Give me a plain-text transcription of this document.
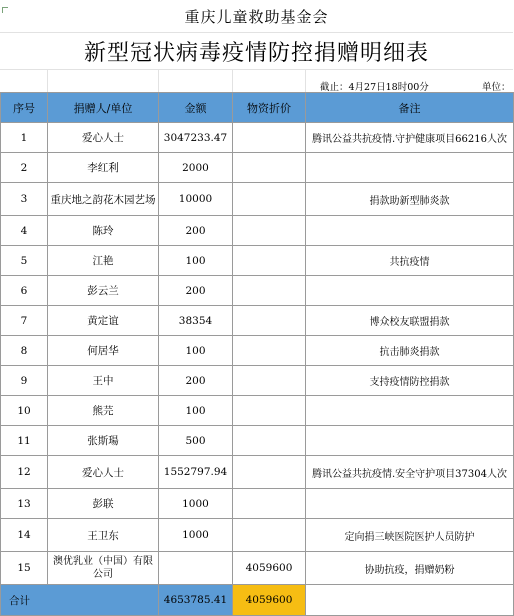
重庆儿童救助基金会
新型冠状病毒疫情防控捐赠明细表
截止：4月27日18时00分	单位：
序号	捐赠人/单位	金额	物资折价	备注
1	爱心人士	3047233.47		腾讯公益共抗疫情.守护健康项目66216人次
2	李红利	2000		
3	重庆地之韵花木园艺场	10000		捐款助新型肺炎款
4	陈玲	200		
5	江艳	100		共抗疫情
6	彭云兰	200		
7	黄定谊	38354		博众校友联盟捐款
8	何居华	100		抗击肺炎捐款
9	王中	200		支持疫情防控捐款
10	熊芫	100		
11	张斯瑒	500		
12	爱心人士	1552797.94		腾讯公益共抗疫情.安全守护项目37304人次
13	彭联	1000		
14	王卫东	1000		定向捐三峡医院医护人员防护
15	澳优乳业（中国）有限公司		4059600	协助抗疫，捐赠奶粉
合计		4653785.41	4059600	
